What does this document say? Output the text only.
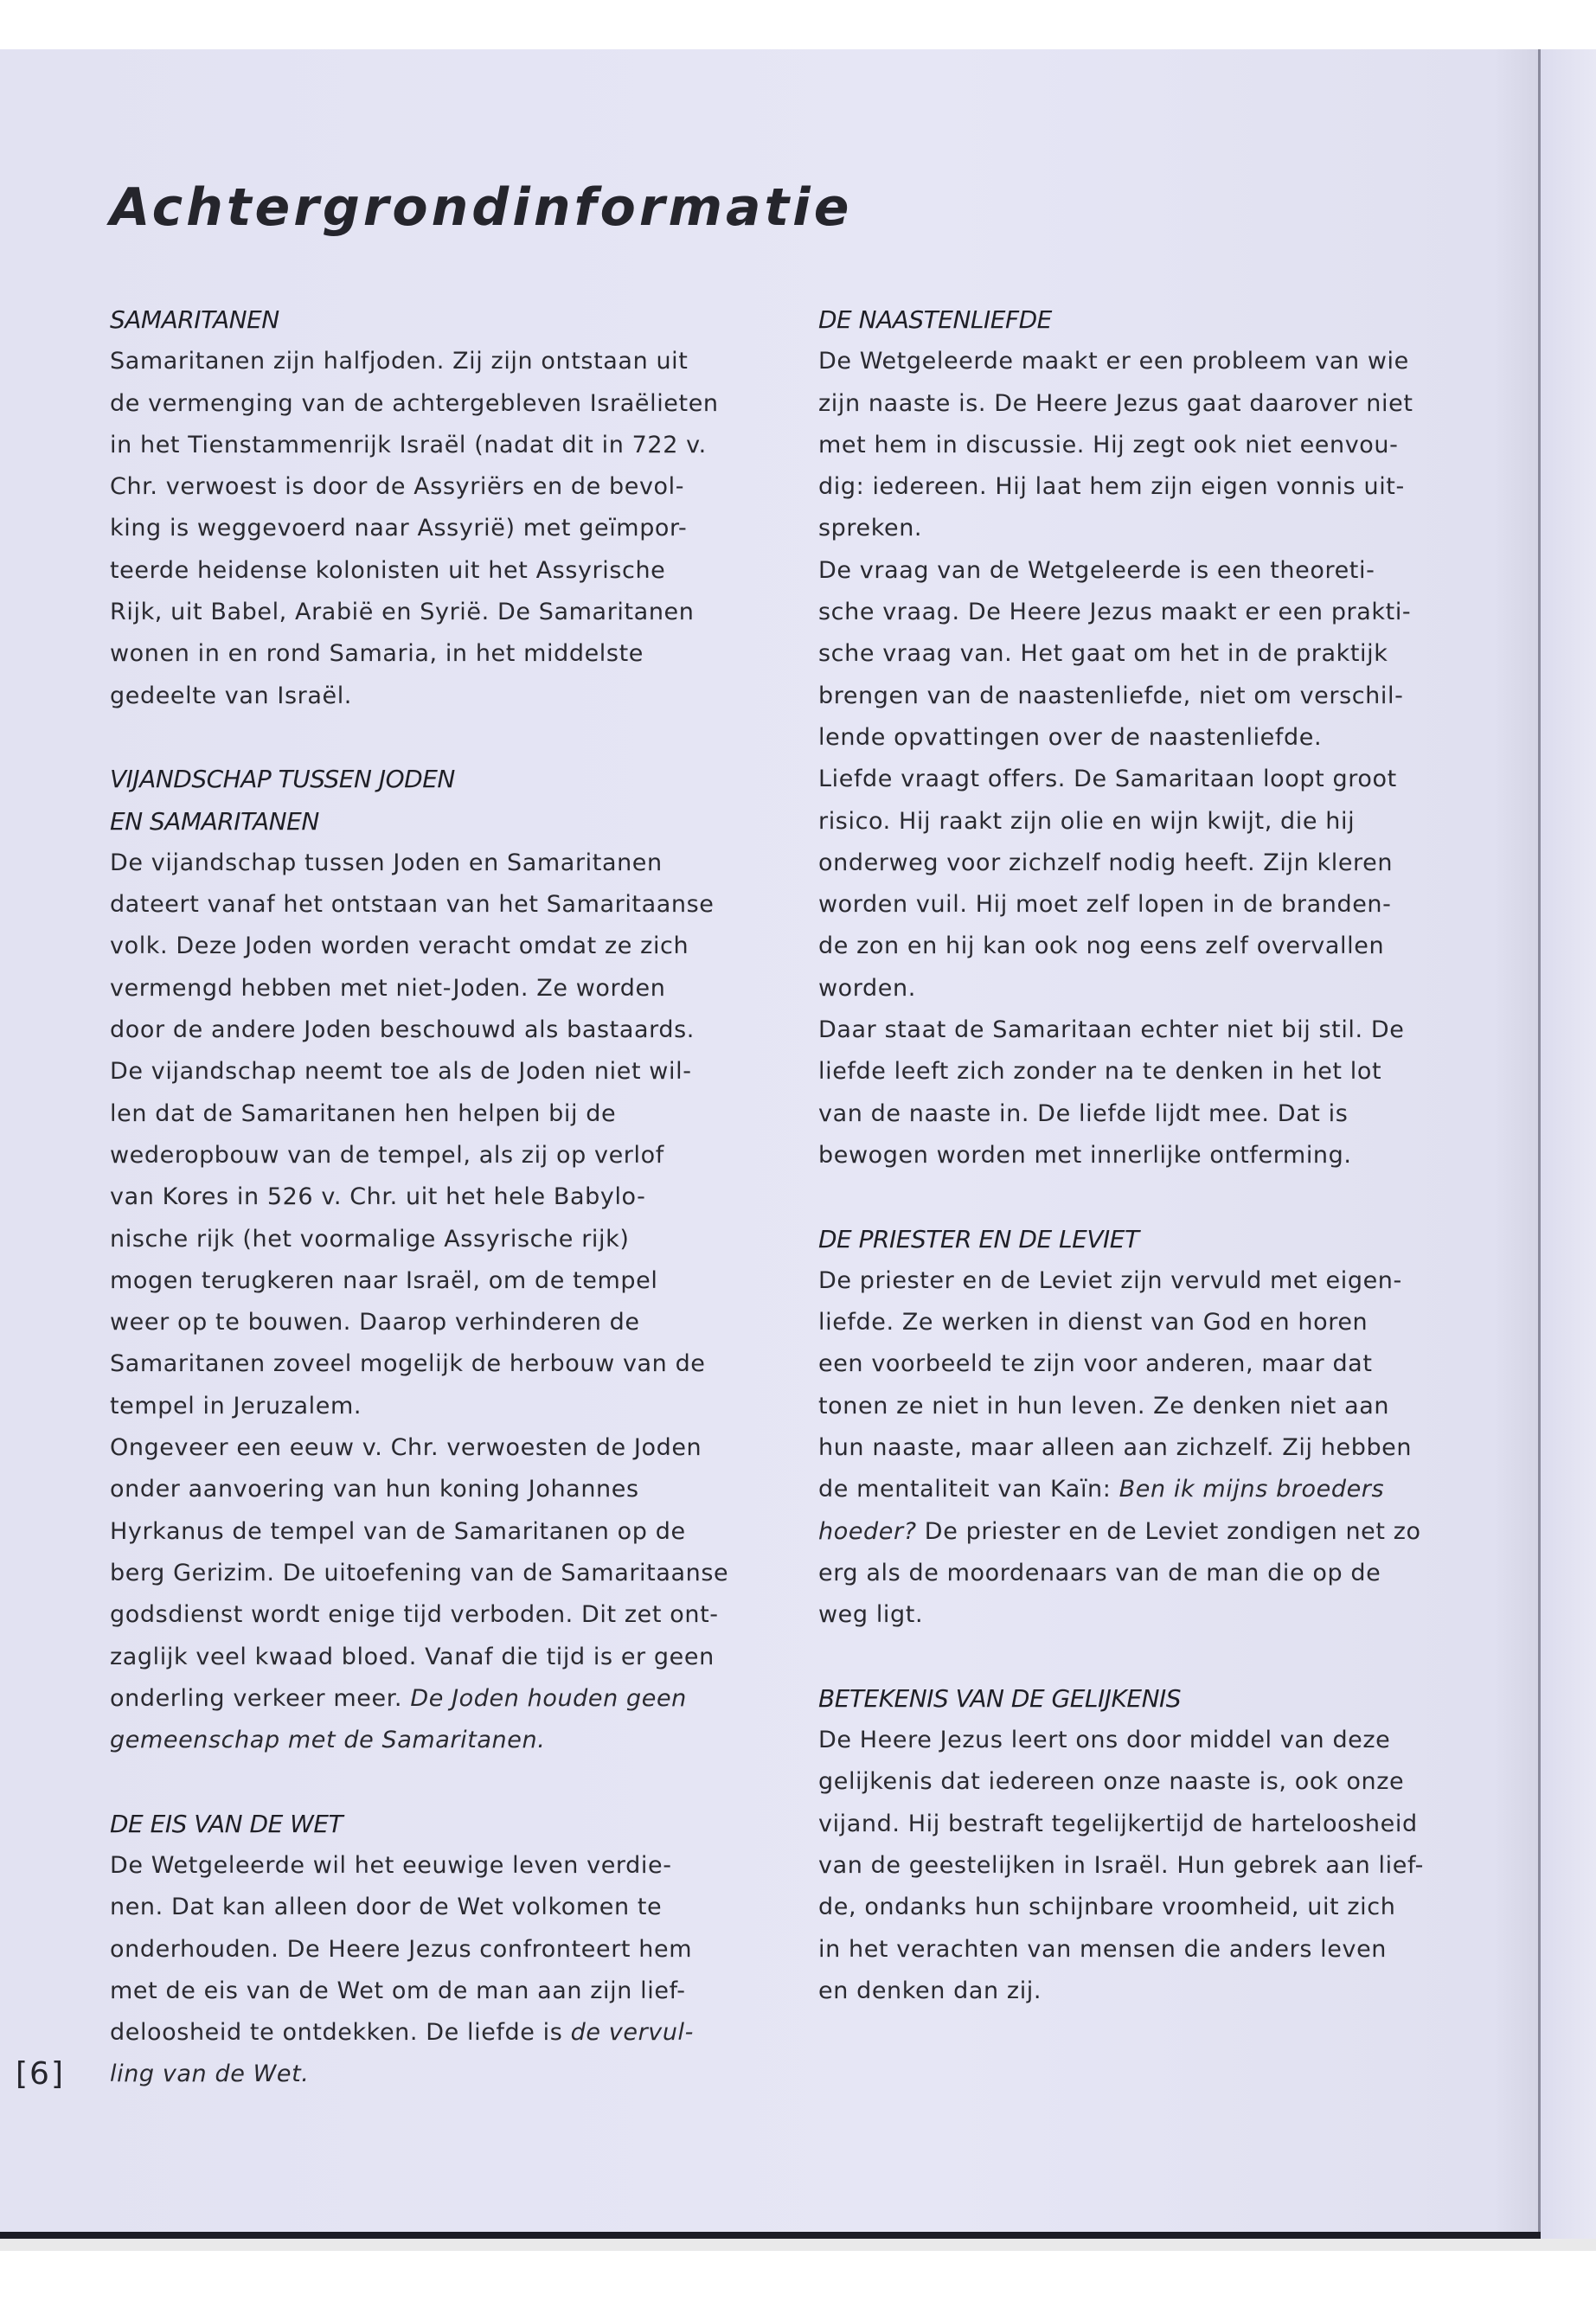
Achtergrondinformatie
SAMARITANEN
Samaritanen zijn halfjoden. Zij zijn ontstaan uit
de vermenging van de achtergebleven Israëlieten
in het Tienstammenrijk Israël (nadat dit in 722 v.
Chr. verwoest is door de Assyriërs en de bevol-
king is weggevoerd naar Assyrië) met geïmpor-
teerde heidense kolonisten uit het Assyrische
Rijk, uit Babel, Arabië en Syrië. De Samaritanen
wonen in en rond Samaria, in het middelste
gedeelte van Israël.
VIJANDSCHAP TUSSEN JODEN
EN SAMARITANEN
De vijandschap tussen Joden en Samaritanen
dateert vanaf het ontstaan van het Samaritaanse
volk. Deze Joden worden veracht omdat ze zich
vermengd hebben met niet-Joden. Ze worden
door de andere Joden beschouwd als bastaards.
De vijandschap neemt toe als de Joden niet wil-
len dat de Samaritanen hen helpen bij de
wederopbouw van de tempel, als zij op verlof
van Kores in 526 v. Chr. uit het hele Babylo-
nische rijk (het voormalige Assyrische rijk)
mogen terugkeren naar Israël, om de tempel
weer op te bouwen. Daarop verhinderen de
Samaritanen zoveel mogelijk de herbouw van de
tempel in Jeruzalem.
Ongeveer een eeuw v. Chr. verwoesten de Joden
onder aanvoering van hun koning Johannes
Hyrkanus de tempel van de Samaritanen op de
berg Gerizim. De uitoefening van de Samaritaanse
godsdienst wordt enige tijd verboden. Dit zet ont-
zaglijk veel kwaad bloed. Vanaf die tijd is er geen
onderling verkeer meer. De Joden houden geen
gemeenschap met de Samaritanen.
DE EIS VAN DE WET
De Wetgeleerde wil het eeuwige leven verdie-
nen. Dat kan alleen door de Wet volkomen te
onderhouden. De Heere Jezus confronteert hem
met de eis van de Wet om de man aan zijn lief-
deloosheid te ontdekken. De liefde is de vervul-
ling van de Wet.
DE NAASTENLIEFDE
De Wetgeleerde maakt er een probleem van wie
zijn naaste is. De Heere Jezus gaat daarover niet
met hem in discussie. Hij zegt ook niet eenvou-
dig: iedereen. Hij laat hem zijn eigen vonnis uit-
spreken.
De vraag van de Wetgeleerde is een theoreti-
sche vraag. De Heere Jezus maakt er een prakti-
sche vraag van. Het gaat om het in de praktijk
brengen van de naastenliefde, niet om verschil-
lende opvattingen over de naastenliefde.
Liefde vraagt offers. De Samaritaan loopt groot
risico. Hij raakt zijn olie en wijn kwijt, die hij
onderweg voor zichzelf nodig heeft. Zijn kleren
worden vuil. Hij moet zelf lopen in de branden-
de zon en hij kan ook nog eens zelf overvallen
worden.
Daar staat de Samaritaan echter niet bij stil. De
liefde leeft zich zonder na te denken in het lot
van de naaste in. De liefde lijdt mee. Dat is
bewogen worden met innerlijke ontferming.
DE PRIESTER EN DE LEVIET
De priester en de Leviet zijn vervuld met eigen-
liefde. Ze werken in dienst van God en horen
een voorbeeld te zijn voor anderen, maar dat
tonen ze niet in hun leven. Ze denken niet aan
hun naaste, maar alleen aan zichzelf. Zij hebben
de mentaliteit van Kaïn: Ben ik mijns broeders
hoeder? De priester en de Leviet zondigen net zo
erg als de moordenaars van de man die op de
weg ligt.
BETEKENIS VAN DE GELIJKENIS
De Heere Jezus leert ons door middel van deze
gelijkenis dat iedereen onze naaste is, ook onze
vijand. Hij bestraft tegelijkertijd de harteloosheid
van de geestelijken in Israël. Hun gebrek aan lief-
de, ondanks hun schijnbare vroomheid, uit zich
in het verachten van mensen die anders leven
en denken dan zij.
[6]
